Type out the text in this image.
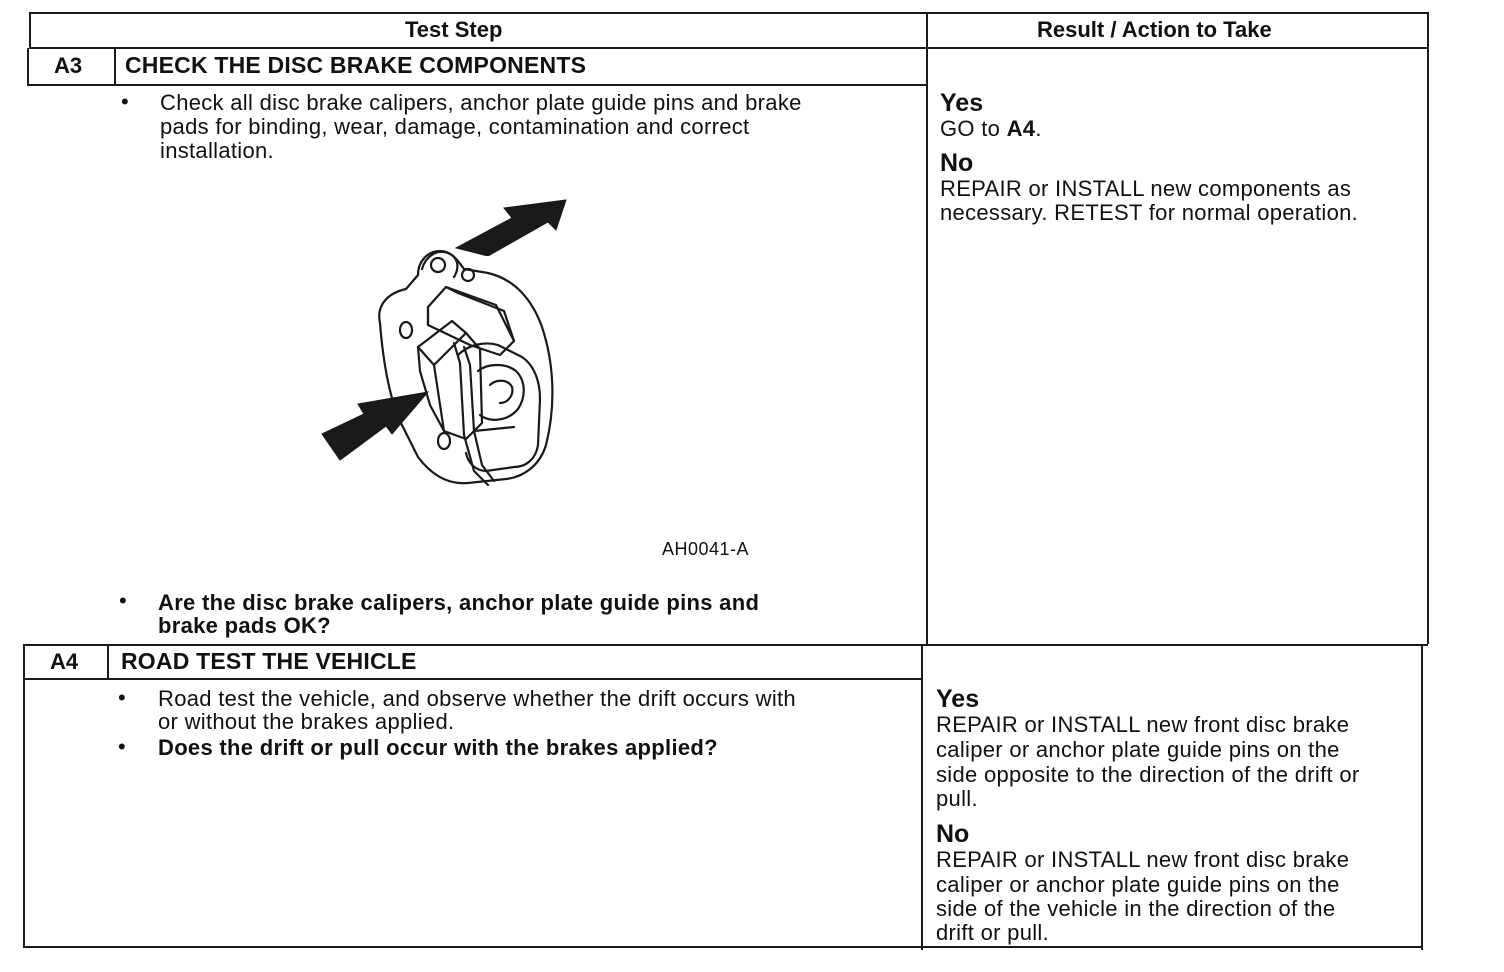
Test Step	Result / Action to Take
A3 CHECK THE DISC BRAKE COMPONENTS
• Check all disc brake calipers, anchor plate guide pins and brake
pads for binding, wear, damage, contamination and correct
installation.
AH0041-A
• Are the disc brake calipers, anchor plate guide pins and
brake pads OK?
Yes
GO to A4.
No
REPAIR or INSTALL new components as
necessary. RETEST for normal operation.
A4 ROAD TEST THE VEHICLE
• Road test the vehicle, and observe whether the drift occurs with
or without the brakes applied.
• Does the drift or pull occur with the brakes applied?
Yes
REPAIR or INSTALL new front disc brake
caliper or anchor plate guide pins on the
side opposite to the direction of the drift or
pull.
No
REPAIR or INSTALL new front disc brake
caliper or anchor plate guide pins on the
side of the vehicle in the direction of the
drift or pull.
